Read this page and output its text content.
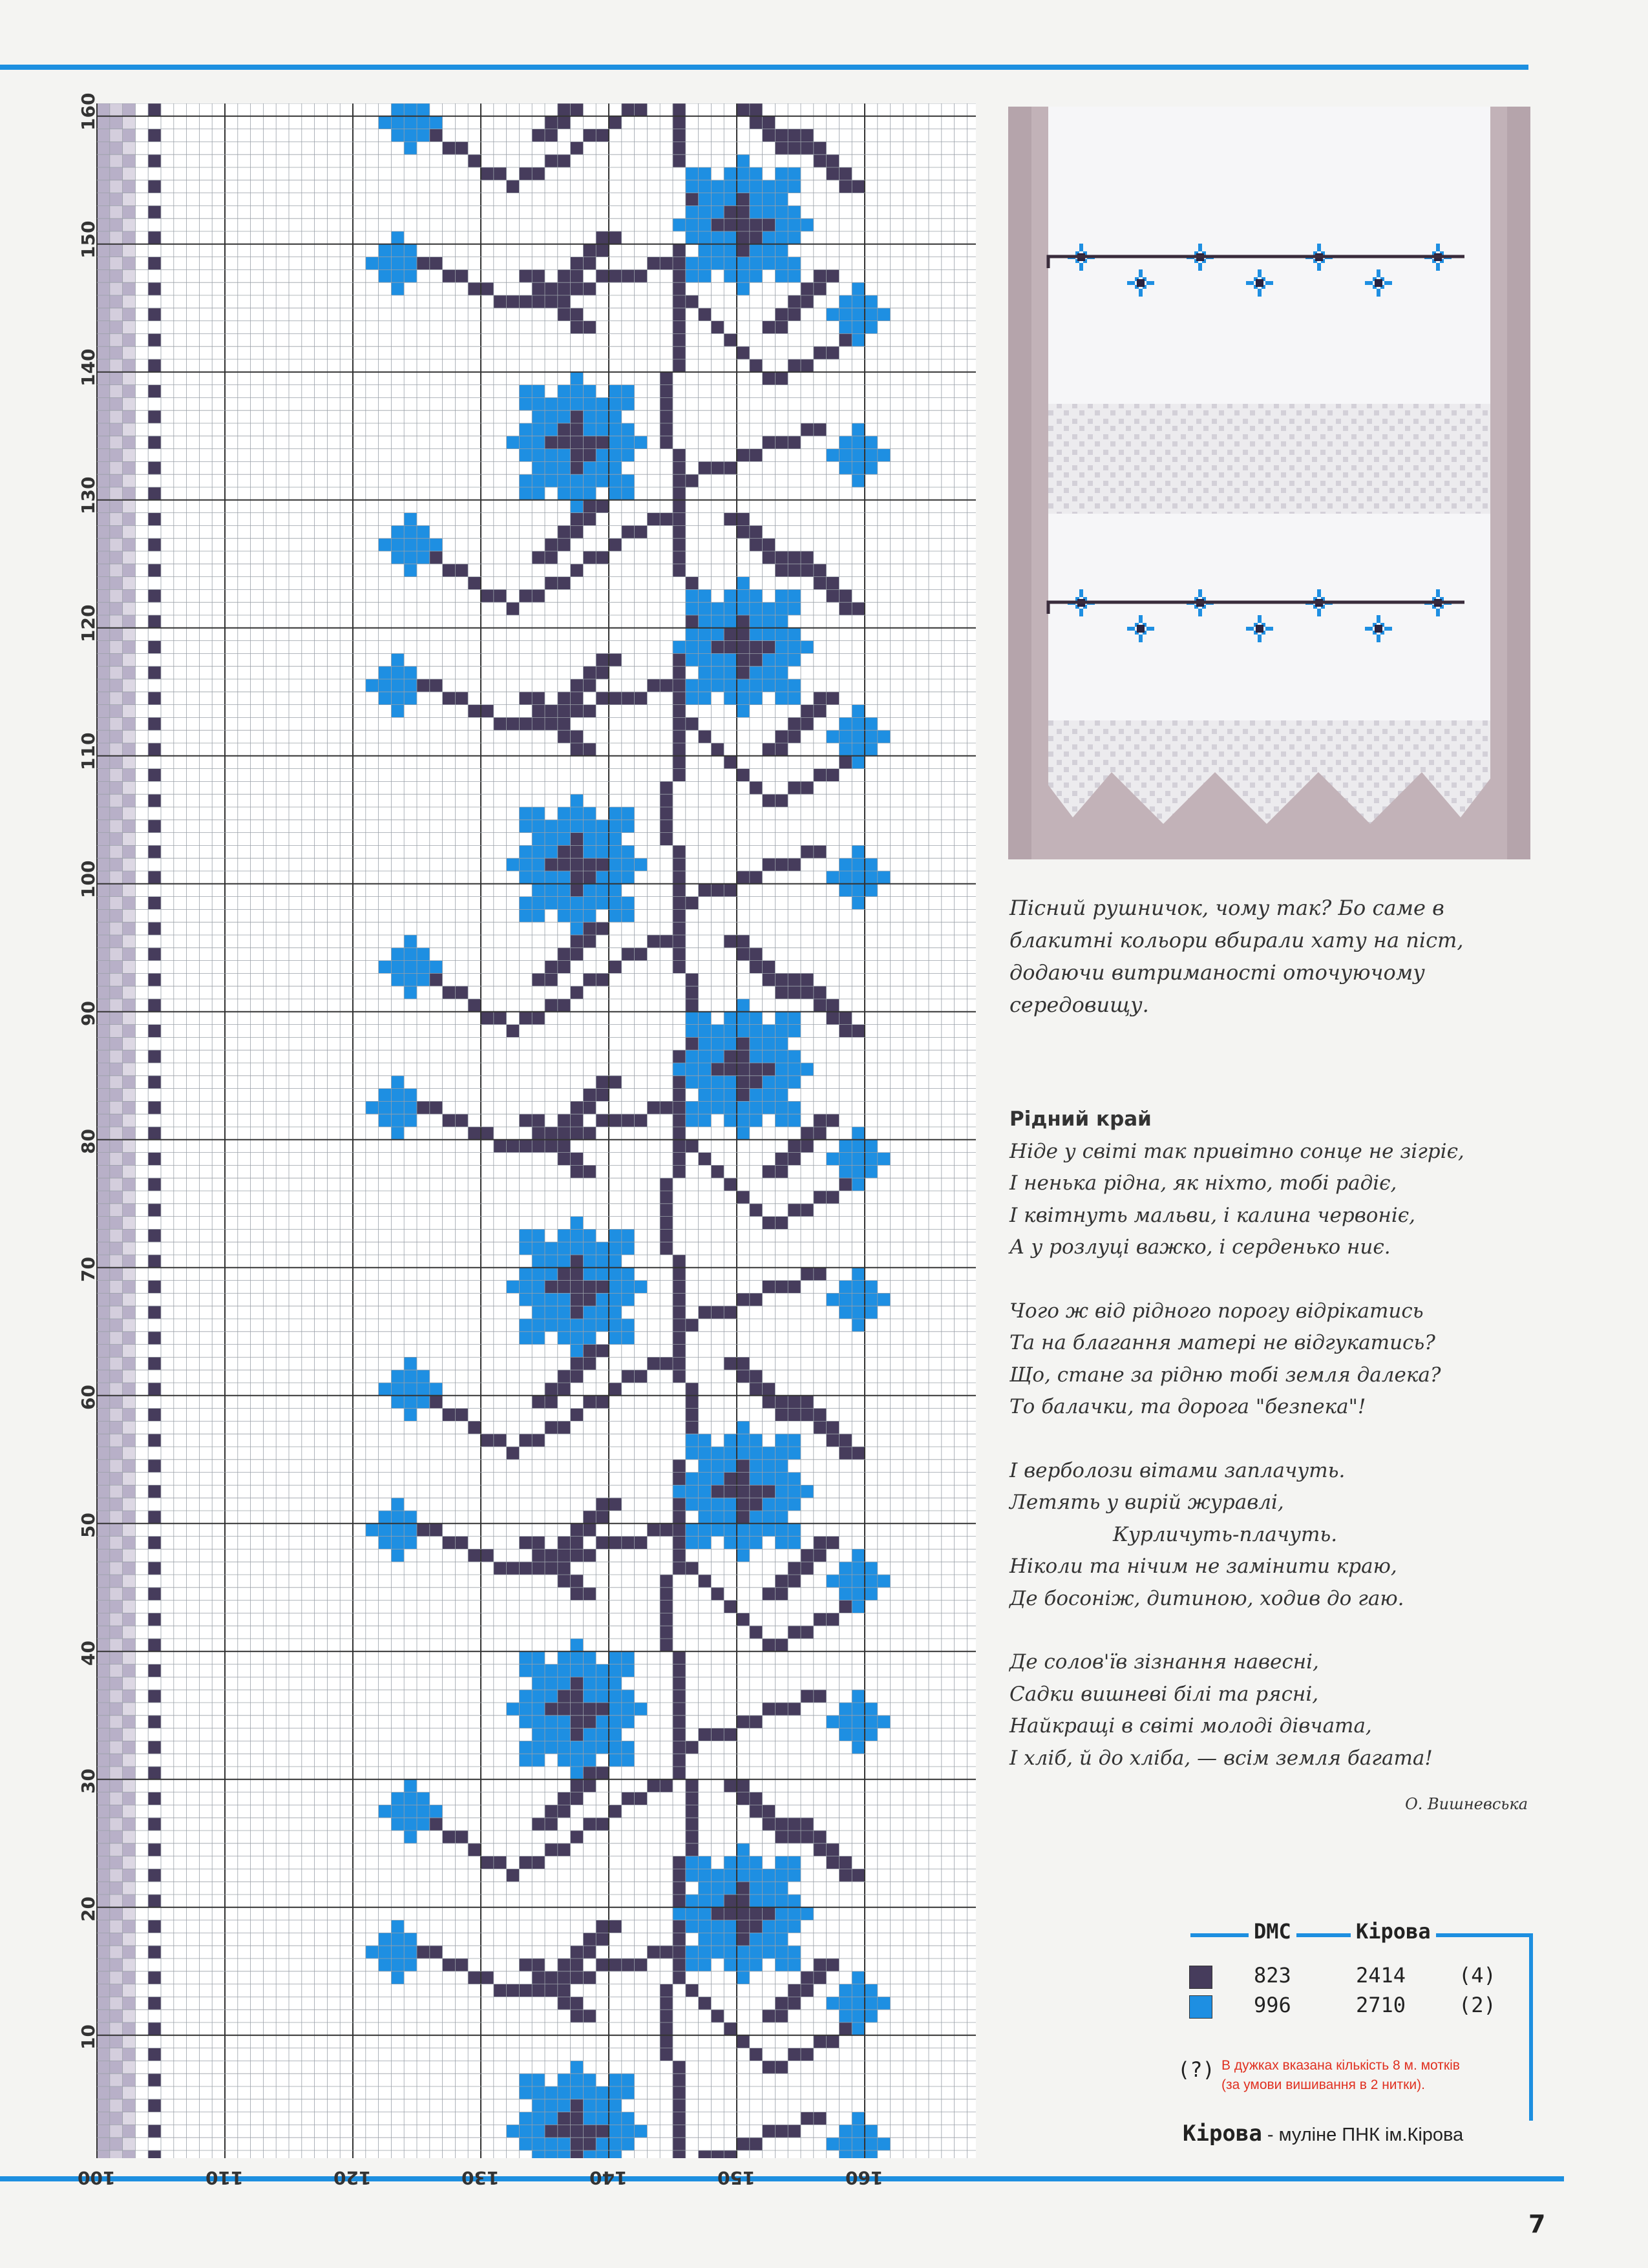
7
10
20
30
40
50
60
70
80
90
100
110
120
130
140
150
160
100	110	120	130	140	150	160
Пісний рушничок, чому так? Бо саме в
блакитні кольори вбирали хату на піст,
додаючи витриманості оточуючому
середовищу.
Рідний край
Ніде у світі так привітно сонце не зігріє,
І ненька рідна, як ніхто, тобі радіє,
І квітнуть мальви, і калина червоніє,
А у розлуці важко, і серденько ниє.
Чого ж від рідного порогу відрікатись
Та на благання матері не відгукатись?
Що, стане за рідню тобі земля далека?
То балачки, та дорога "безпека"!
І верболози вітами заплачуть.
Летять у вирій журавлі,
Курличуть-плачуть.
Ніколи та нічим не замінити краю,
Де босоніж, дитиною, ходив до гаю.
Де солов'їв зізнання навесні,
Садки вишневі білі та рясні,
Найкращі в світі молоді дівчата,
І хліб, й до хліба, — всім земля багата!
О. Вишневська
DMC	Кірова
823	2414	(4)
996	2710	(2)
(?) В дужках вказана кількість 8 м. мотків
(за умови вишивання в 2 нитки).
Кірова - муліне ПНК ім.Кірова
